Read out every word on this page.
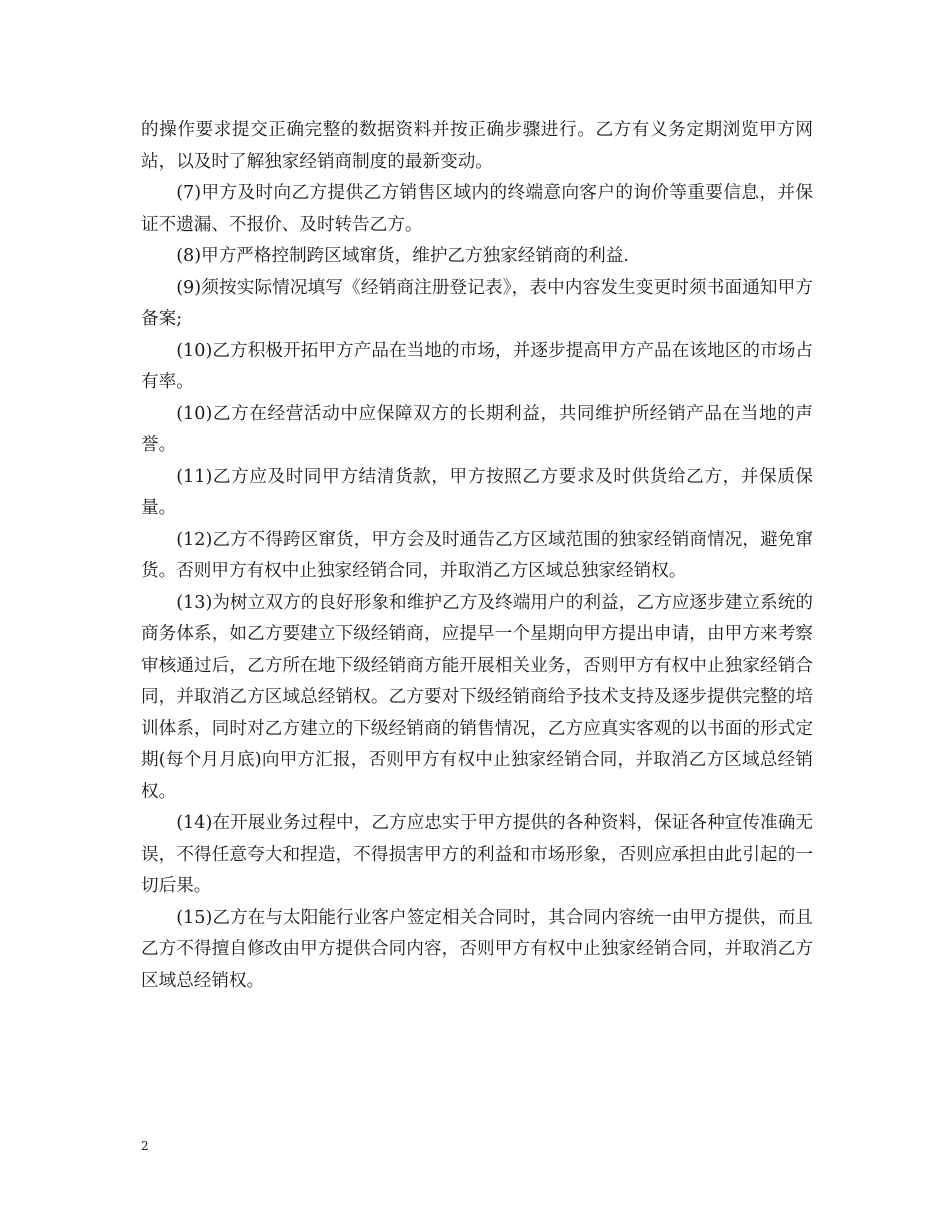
的操作要求提交正确完整的数据资料并按正确步骤进行。乙方有义务定期浏览甲方网站，以及时了解独家经销商制度的最新变动。

(7)甲方及时向乙方提供乙方销售区域内的终端意向客户的询价等重要信息，并保证不遗漏、不报价、及时转告乙方。

(8)甲方严格控制跨区域窜货，维护乙方独家经销商的利益.

(9)须按实际情况填写《经销商注册登记表》，表中内容发生变更时须书面通知甲方备案;

(10)乙方积极开拓甲方产品在当地的市场，并逐步提高甲方产品在该地区的市场占有率。

(10)乙方在经营活动中应保障双方的长期利益，共同维护所经销产品在当地的声誉。

(11)乙方应及时同甲方结清货款，甲方按照乙方要求及时供货给乙方，并保质保量。

(12)乙方不得跨区窜货，甲方会及时通告乙方区域范围的独家经销商情况，避免窜货。否则甲方有权中止独家经销合同，并取消乙方区域总独家经销权。

(13)为树立双方的良好形象和维护乙方及终端用户的利益，乙方应逐步建立系统的商务体系，如乙方要建立下级经销商，应提早一个星期向甲方提出申请，由甲方来考察审核通过后，乙方所在地下级经销商方能开展相关业务，否则甲方有权中止独家经销合同，并取消乙方区域总经销权。乙方要对下级经销商给予技术支持及逐步提供完整的培训体系，同时对乙方建立的下级经销商的销售情况，乙方应真实客观的以书面的形式定期(每个月月底)向甲方汇报，否则甲方有权中止独家经销合同，并取消乙方区域总经销权。

(14)在开展业务过程中，乙方应忠实于甲方提供的各种资料，保证各种宣传准确无误，不得任意夸大和捏造，不得损害甲方的利益和市场形象，否则应承担由此引起的一切后果。

(15)乙方在与太阳能行业客户签定相关合同时，其合同内容统一由甲方提供，而且乙方不得擅自修改由甲方提供合同内容，否则甲方有权中止独家经销合同，并取消乙方区域总经销权。

2
